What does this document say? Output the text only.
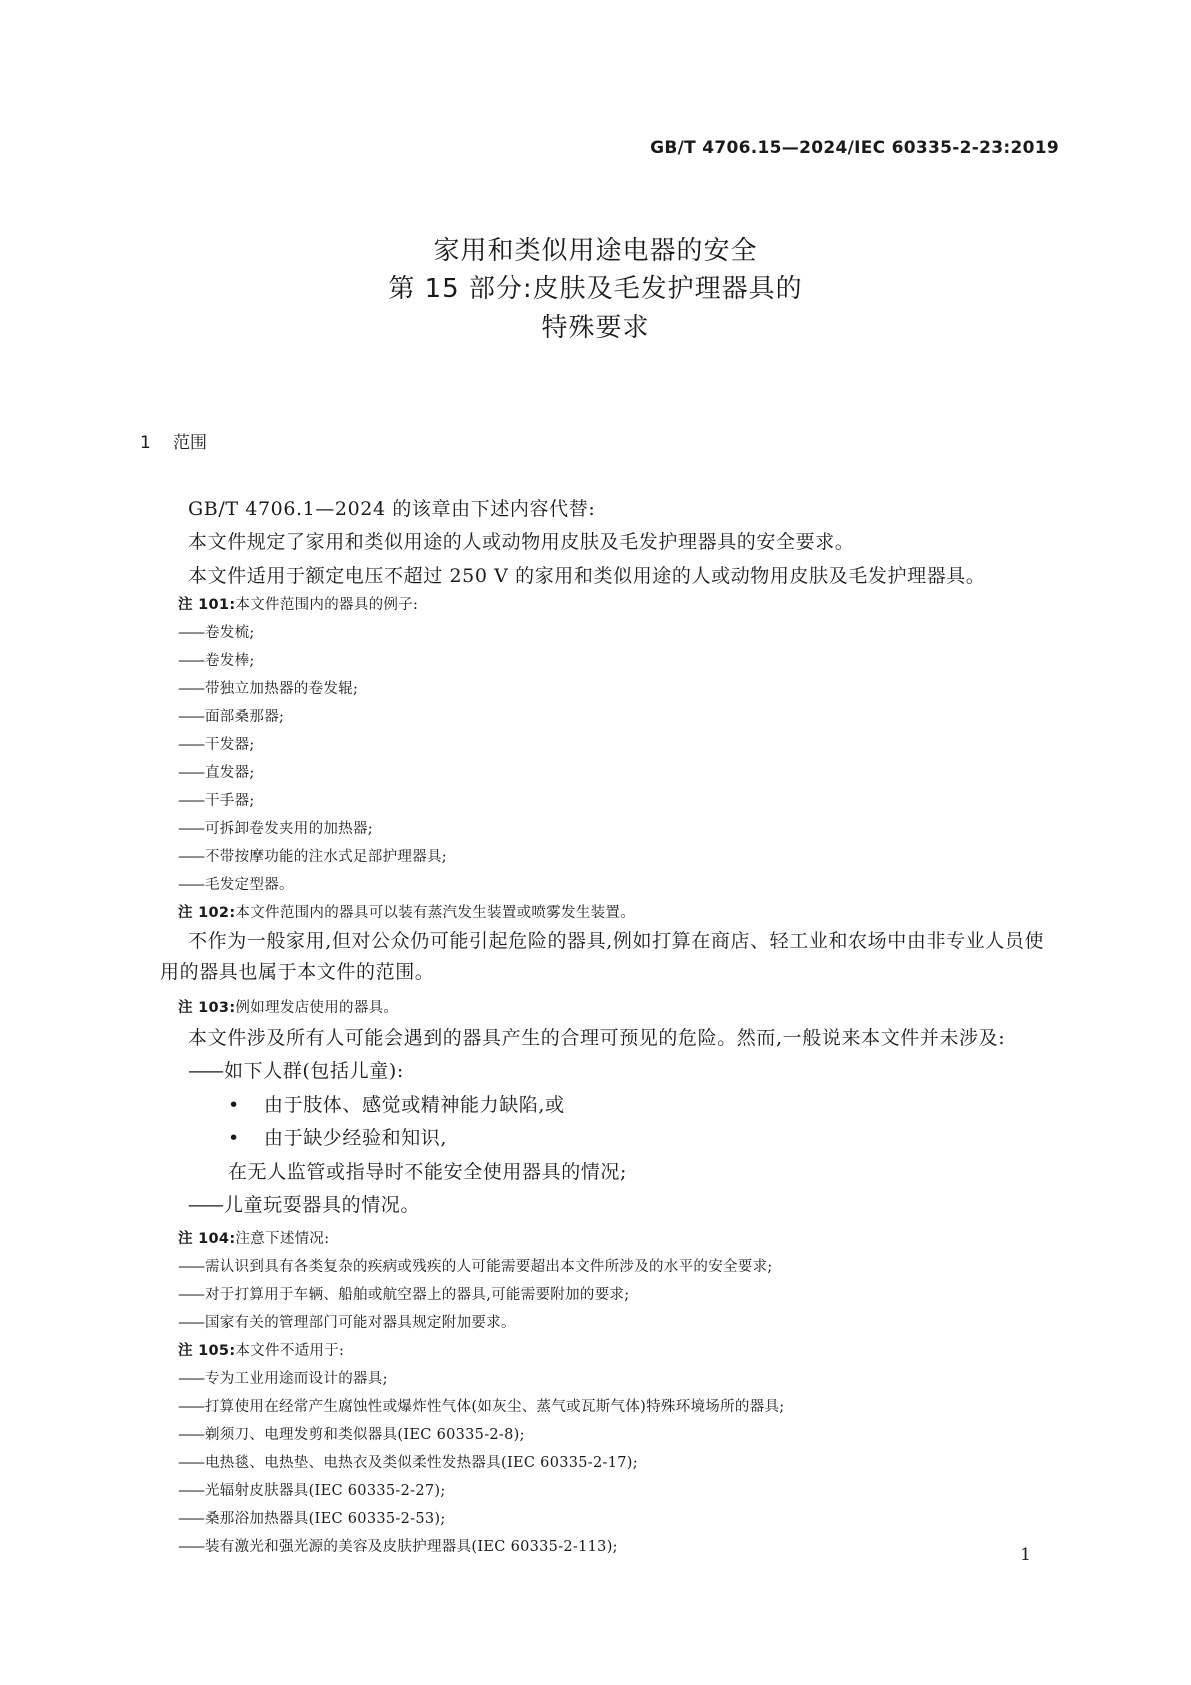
GB/T 4706.15—2024/IEC 60335-2-23:2019
家用和类似用途电器的安全
第 15 部分:皮肤及毛发护理器具的
特殊要求
1 范围
GB/T 4706.1—2024 的该章由下述内容代替:
本文件规定了家用和类似用途的人或动物用皮肤及毛发护理器具的安全要求。
本文件适用于额定电压不超过 250 V 的家用和类似用途的人或动物用皮肤及毛发护理器具。
注 101:本文件范围内的器具的例子:
—— 卷发梳;
—— 卷发棒;
—— 带独立加热器的卷发辊;
—— 面部桑那器;
—— 干发器;
—— 直发器;
—— 干手器;
—— 可拆卸卷发夹用的加热器;
—— 不带按摩功能的注水式足部护理器具;
—— 毛发定型器。
注 102:本文件范围内的器具可以装有蒸汽发生装置或喷雾发生装置。
不作为一般家用,但对公众仍可能引起危险的器具,例如打算在商店、轻工业和农场中由非专业人员使用的器具也属于本文件的范围。
注 103:例如理发店使用的器具。
本文件涉及所有人可能会遇到的器具产生的合理可预见的危险。然而,一般说来本文件并未涉及:
—— 如下人群(包括儿童):
• 由于肢体、感觉或精神能力缺陷,或
• 由于缺少经验和知识,
在无人监管或指导时不能安全使用器具的情况;
—— 儿童玩耍器具的情况。
注 104:注意下述情况:
—— 需认识到具有各类复杂的疾病或残疾的人可能需要超出本文件所涉及的水平的安全要求;
—— 对于打算用于车辆、船舶或航空器上的器具,可能需要附加的要求;
—— 国家有关的管理部门可能对器具规定附加要求。
注 105:本文件不适用于:
—— 专为工业用途而设计的器具;
—— 打算使用在经常产生腐蚀性或爆炸性气体(如灰尘、蒸气或瓦斯气体)特殊环境场所的器具;
—— 剃须刀、电理发剪和类似器具(IEC 60335-2-8);
—— 电热毯、电热垫、电热衣及类似柔性发热器具(IEC 60335-2-17);
—— 光辐射皮肤器具(IEC 60335-2-27);
—— 桑那浴加热器具(IEC 60335-2-53);
—— 装有激光和强光源的美容及皮肤护理器具(IEC 60335-2-113);	1
